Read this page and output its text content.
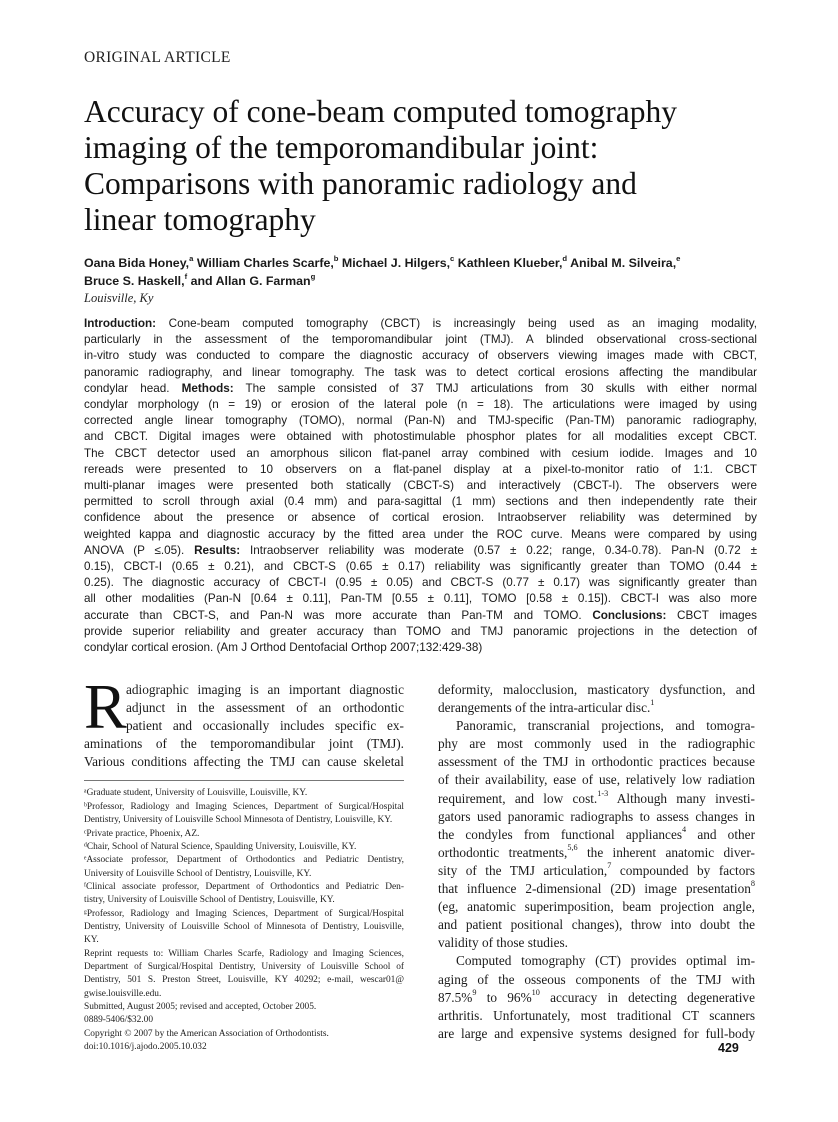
ORIGINAL ARTICLE
Accuracy of cone-beam computed tomography
imaging of the temporomandibular joint:
Comparisons with panoramic radiology and
linear tomography
Oana Bida Honey,$^a$ William Charles Scarfe,$^b$ Michael J. Hilgers,$^c$ Kathleen Klueber,$^d$ Anibal M. Silveira,$^e$
Bruce S. Haskell,$^f$ and Allan G. Farman$^g$
Louisville, Ky
Introduction: Cone-beam computed tomography (CBCT) is increasingly being used as an imaging modality,
particularly in the assessment of the temporomandibular joint (TMJ). A blinded observational cross-sectional
in-vitro study was conducted to compare the diagnostic accuracy of observers viewing images made with CBCT,
panoramic radiography, and linear tomography. The task was to detect cortical erosions affecting the mandibular
condylar head. Methods: The sample consisted of 37 TMJ articulations from 30 skulls with either normal
condylar morphology (n = 19) or erosion of the lateral pole (n = 18). The articulations were imaged by using
corrected angle linear tomography (TOMO), normal (Pan-N) and TMJ-specific (Pan-TM) panoramic radiography,
and CBCT. Digital images were obtained with photostimulable phosphor plates for all modalities except CBCT.
The CBCT detector used an amorphous silicon flat-panel array combined with cesium iodide. Images and 10
rereads were presented to 10 observers on a flat-panel display at a pixel-to-monitor ratio of 1:1. CBCT
multi-planar images were presented both statically (CBCT-S) and interactively (CBCT-I). The observers were
permitted to scroll through axial (0.4 mm) and para-sagittal (1 mm) sections and then independently rate their
confidence about the presence or absence of cortical erosion. Intraobserver reliability was determined by
weighted kappa and diagnostic accuracy by the fitted area under the ROC curve. Means were compared by using
ANOVA (P ≤.05). Results: Intraobserver reliability was moderate (0.57 ± 0.22; range, 0.34-0.78). Pan-N (0.72 ±
0.15), CBCT-I (0.65 ± 0.21), and CBCT-S (0.65 ± 0.17) reliability was significantly greater than TOMO (0.44 ±
0.25). The diagnostic accuracy of CBCT-I (0.95 ± 0.05) and CBCT-S (0.77 ± 0.17) was significantly greater than
all other modalities (Pan-N [0.64 ± 0.11], Pan-TM [0.55 ± 0.11], TOMO [0.58 ± 0.15]). CBCT-I was also more
accurate than CBCT-S, and Pan-N was more accurate than Pan-TM and TOMO. Conclusions: CBCT images
provide superior reliability and greater accuracy than TOMO and TMJ panoramic projections in the detection of
condylar cortical erosion. (Am J Orthod Dentofacial Orthop 2007;132:429-38)
R adiographic imaging is an important diagnostic
adjunct in the assessment of an orthodontic
patient and occasionally includes specific ex-
aminations of the temporomandibular joint (TMJ).
Various conditions affecting the TMJ can cause skeletal
ᵃGraduate student, University of Louisville, Louisville, KY.
ᵇProfessor, Radiology and Imaging Sciences, Department of Surgical/Hospital
Dentistry, University of Louisville School Minnesota of Dentistry, Louisville, KY.
ᶜPrivate practice, Phoenix, AZ.
ᵈChair, School of Natural Science, Spaulding University, Louisville, KY.
ᵉAssociate professor, Department of Orthodontics and Pediatric Dentistry,
University of Louisville School of Dentistry, Louisville, KY.
ᶠClinical associate professor, Department of Orthodontics and Pediatric Den-
tistry, University of Louisville School of Dentistry, Louisville, KY.
ᵍProfessor, Radiology and Imaging Sciences, Department of Surgical/Hospital
Dentistry, University of Louisville School of Minnesota of Dentistry, Louisville,
KY.
Reprint requests to: William Charles Scarfe, Radiology and Imaging Sciences,
Department of Surgical/Hospital Dentistry, University of Louisville School of
Dentistry, 501 S. Preston Street, Louisville, KY 40292; e-mail, wescar01@
gwise.louisville.edu.
Submitted, August 2005; revised and accepted, October 2005.
0889-5406/$32.00
Copyright © 2007 by the American Association of Orthodontists.
doi:10.1016/j.ajodo.2005.10.032
deformity, malocclusion, masticatory dysfunction, and
derangements of the intra-articular disc.$^1$
Panoramic, transcranial projections, and tomogra-
phy are most commonly used in the radiographic
assessment of the TMJ in orthodontic practices because
of their availability, ease of use, relatively low radiation
requirement, and low cost.$^{1-3}$ Although many investi-
gators used panoramic radiographs to assess changes in
the condyles from functional appliances$^4$ and other
orthodontic treatments,$^{5,6}$ the inherent anatomic diver-
sity of the TMJ articulation,$^7$ compounded by factors
that influence 2-dimensional (2D) image presentation$^8$
(eg, anatomic superimposition, beam projection angle,
and patient positional changes), throw into doubt the
validity of those studies.
Computed tomography (CT) provides optimal im-
aging of the osseous components of the TMJ with
87.5%$^9$ to 96%$^{10}$ accuracy in detecting degenerative
arthritis. Unfortunately, most traditional CT scanners
are large and expensive systems designed for full-body
429
